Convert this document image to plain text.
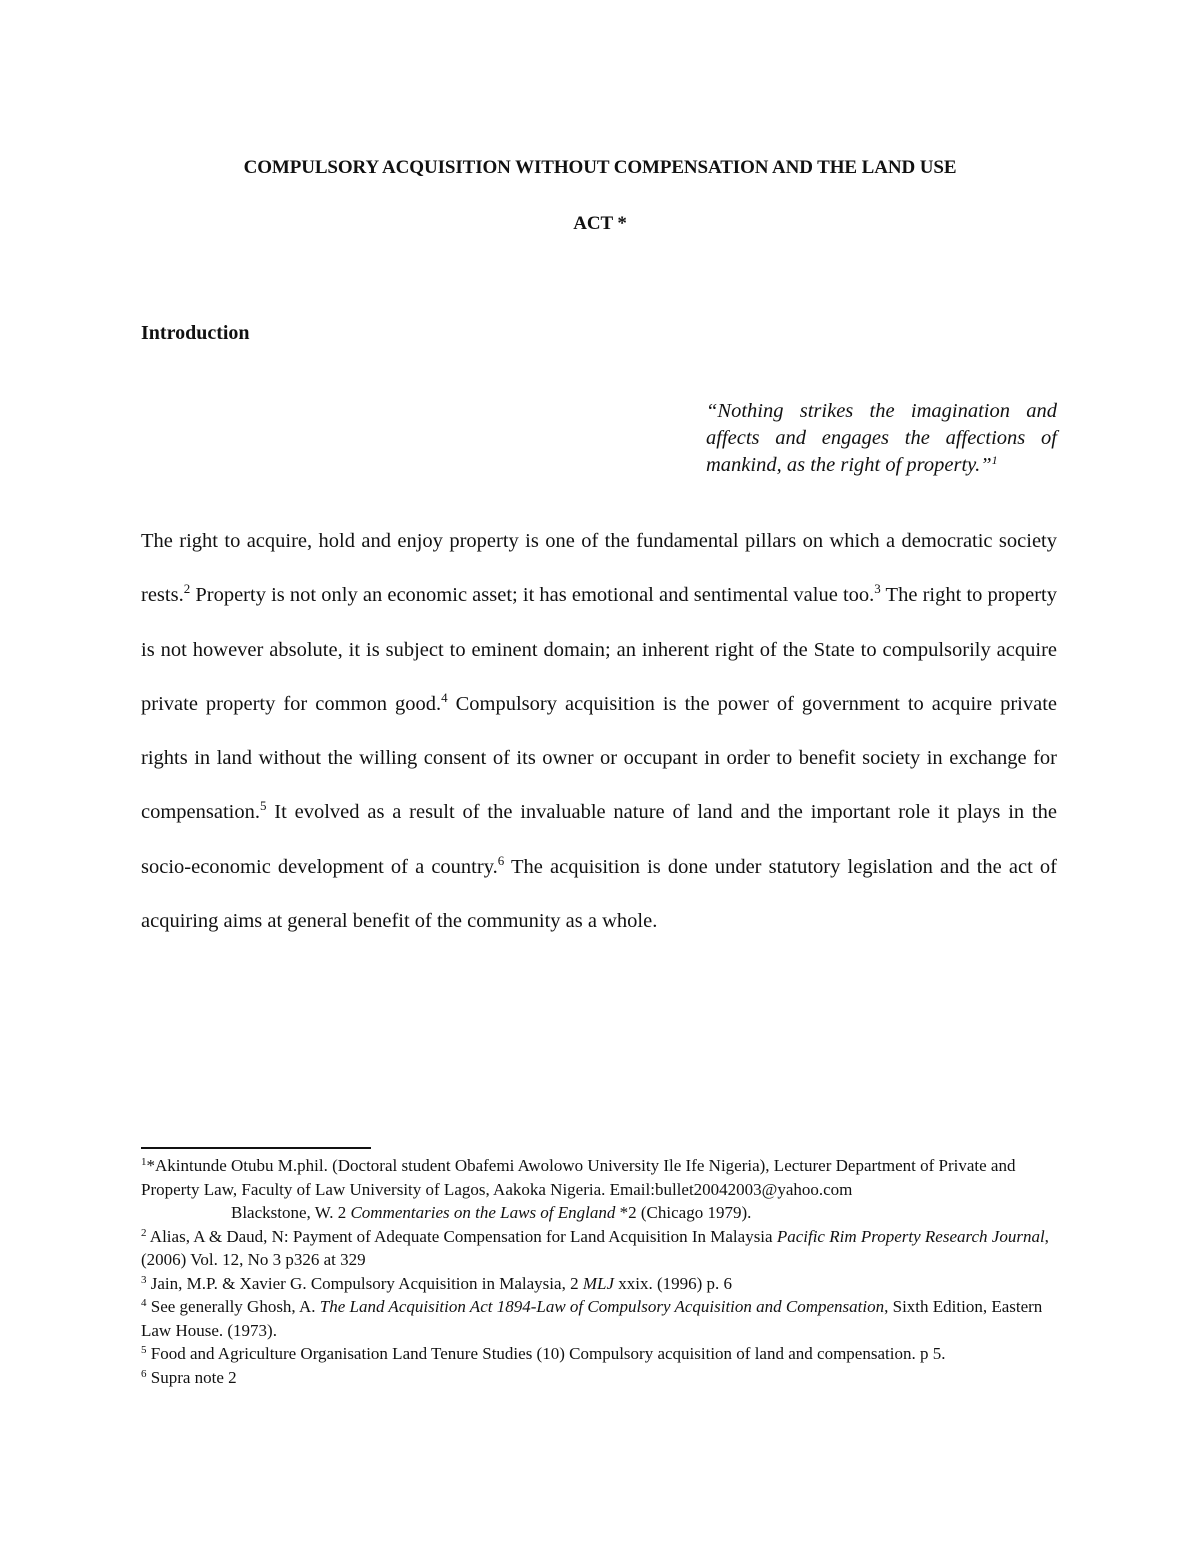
COMPULSORY ACQUISITION WITHOUT COMPENSATION AND THE LAND USE
ACT *
Introduction
“Nothing strikes the imagination and affects and engages the affections of mankind, as the right of property.”$^1$

The right to acquire, hold and enjoy property is one of the fundamental pillars on which a democratic society rests.$^2$ Property is not only an economic asset; it has emotional and sentimental value too.$^3$ The right to property is not however absolute, it is subject to eminent domain; an inherent right of the State to compulsorily acquire private property for common good.$^4$ Compulsory acquisition is the power of government to acquire private rights in land without the willing consent of its owner or occupant in order to benefit society in exchange for compensation.$^5$ It evolved as a result of the invaluable nature of land and the important role it plays in the socio-economic development of a country.$^6$ The acquisition is done under statutory legislation and the act of acquiring aims at general benefit of the community as a whole.

$^1$*Akintunde Otubu M.phil. (Doctoral student Obafemi Awolowo University Ile Ife Nigeria), Lecturer Department of Private and Property Law, Faculty of Law University of Lagos, Aakoka Nigeria. Email:bullet20042003@yahoo.com
Blackstone, W. 2 Commentaries on the Laws of England *2 (Chicago 1979).

$^2$ Alias, A & Daud, N: Payment of Adequate Compensation for Land Acquisition In Malaysia Pacific Rim Property Research Journal, (2006) Vol. 12, No 3 p326 at 329

$^3$ Jain, M.P. & Xavier G. Compulsory Acquisition in Malaysia, 2 MLJ xxix. (1996) p. 6

$^4$ See generally Ghosh, A. The Land Acquisition Act 1894-Law of Compulsory Acquisition and Compensation, Sixth Edition, Eastern Law House. (1973).

$^5$ Food and Agriculture Organisation Land Tenure Studies (10) Compulsory acquisition of land and compensation. p 5.

$^6$ Supra note 2
